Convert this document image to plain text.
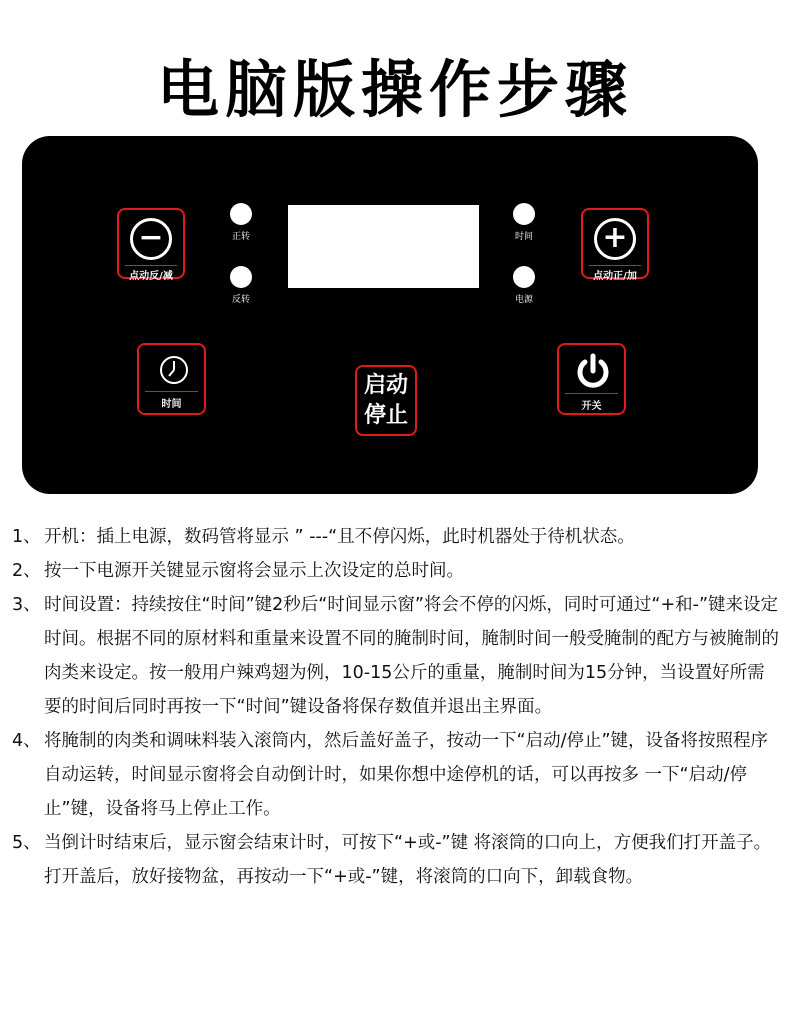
电脑版操作步骤
−
点动反/减
+
点动正/加
正转
反转
时间
电源
时间
启动
停止	开关
1、 开机：插上电源，数码管将显示 ” ---“且不停闪烁，此时机器处于待机状态。
2、 按一下电源开关键显示窗将会显示上次设定的总时间。
3、 时间设置：持续按住“时间”键2秒后“时间显示窗”将会不停的闪烁，同时可通过“+和-”键来设定时间。根据不同的原材料和重量来设置不同的腌制时间，腌制时间一般受腌制的配方与被腌制的肉类来设定。按一般用户辣鸡翅为例，10-15公斤的重量，腌制时间为15分钟，当设置好所需要的时间后同时再按一下“时间”键设备将保存数值并退出主界面。
4、 将腌制的肉类和调味料装入滚筒内，然后盖好盖子，按动一下“启动/停止”键，设备将按照程序自动运转，时间显示窗将会自动倒计时，如果你想中途停机的话，可以再按多 一下“启动/停止”键，设备将马上停止工作。
5、 当倒计时结束后，显示窗会结束计时，可按下“+或-”键 将滚筒的口向上，方便我们打开盖子。打开盖后，放好接物盆，再按动一下“+或-”键，将滚筒的口向下，卸载食物。
